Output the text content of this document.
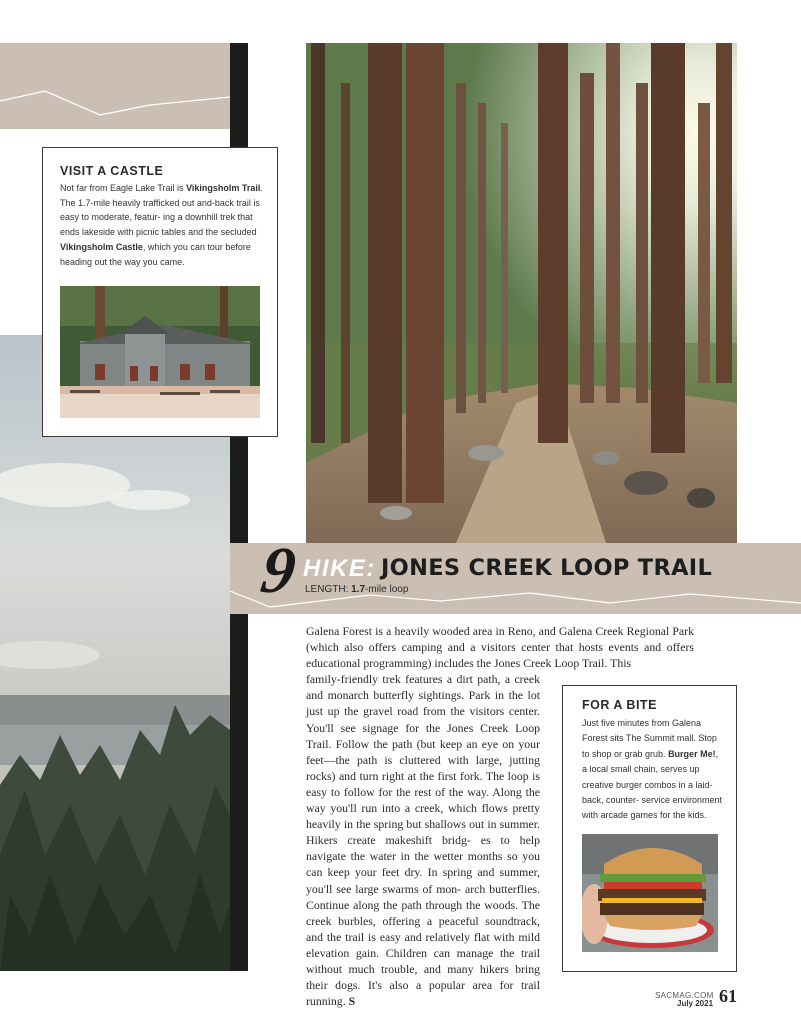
VISIT A CASTLE

Not far from Eagle Lake Trail is Vikingsholm Trail. The 1.7-mile heavily trafficked out and-back trail is easy to moderate, featur- ing a downhill trek that ends lakeside with picnic tables and the secluded Vikingsholm Castle, which you can tour before heading out the way you came.

9 HIKE: JONES CREEK LOOP TRAIL
LENGTH: 1.7-mile loop

Galena Forest is a heavily wooded area in Reno, and Galena Creek Regional Park (which also offers camping and a visitors center that hosts events and offers educational programming) includes the Jones Creek Loop Trail. This

family-friendly trek features a dirt path, a creek and monarch butterfly sightings. Park in the lot just up the gravel road from the visitors center. You'll see signage for the Jones Creek Loop Trail. Follow the path (but keep an eye on your feet—the path is cluttered with large, jutting rocks) and turn right at the first fork. The loop is easy to follow for the rest of the way. Along the way you'll run into a creek, which flows pretty heavily in the spring but shallows out in summer. Hikers create makeshift bridg- es to help navigate the water in the wetter months so you can keep your feet dry. In spring and summer, you'll see large swarms of mon- arch butterflies. Continue along the path through the woods. The creek burbles, offering a peaceful soundtrack, and the trail is easy and relatively flat with mild elevation gain. Children can manage the trail without much trouble, and many hikers bring their dogs. It's also a popular area for trail running. S

FOR A BITE

Just five minutes from Galena Forest sits The Summit mall. Stop to shop or grab grub. Burger Me!, a local small chain, serves up creative burger combos in a laid-back, counter- service environment with arcade games for the kids.

SACMAG.COM
July 2021 61
